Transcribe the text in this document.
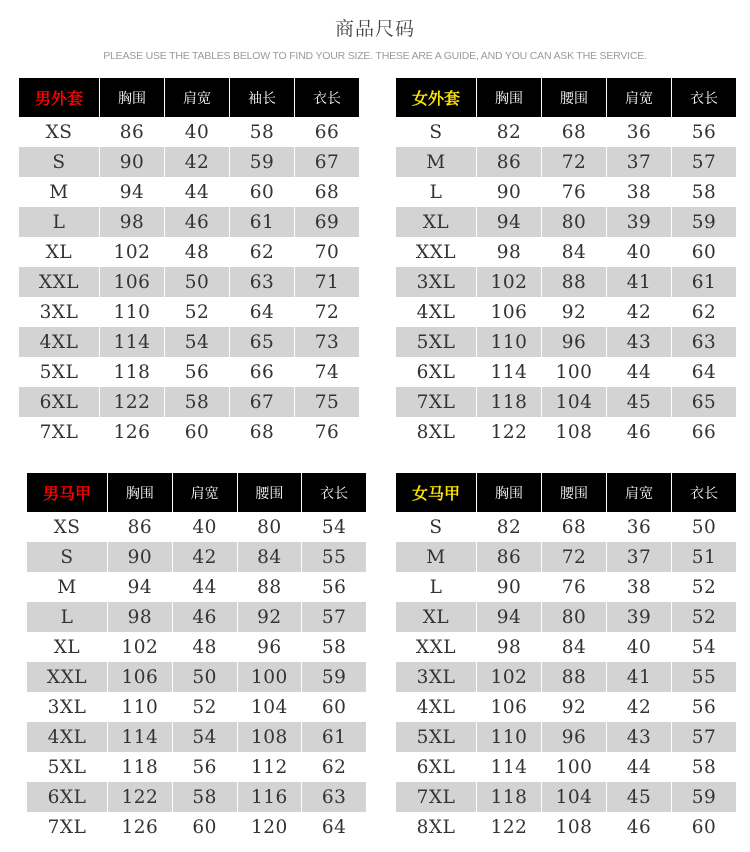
商品尺码
PLEASE USE THE TABLES BELOW TO FIND YOUR SIZE. THESE ARE A GUIDE, AND YOU CAN ASK THE SERVICE.
男外套	胸围	肩宽	袖长	衣长
XS	86	40	58	66
S	90	42	59	67
M	94	44	60	68
L	98	46	61	69
XL	102	48	62	70
XXL	106	50	63	71
3XL	110	52	64	72
4XL	114	54	65	73
5XL	118	56	66	74
6XL	122	58	67	75
7XL	126	60	68	76
女外套	胸围	腰围	肩宽	衣长
S	82	68	36	56
M	86	72	37	57
L	90	76	38	58
XL	94	80	39	59
XXL	98	84	40	60
3XL	102	88	41	61
4XL	106	92	42	62
5XL	110	96	43	63
6XL	114	100	44	64
7XL	118	104	45	65
8XL	122	108	46	66
男马甲	胸围	肩宽	腰围	衣长
XS	86	40	80	54
S	90	42	84	55
M	94	44	88	56
L	98	46	92	57
XL	102	48	96	58
XXL	106	50	100	59
3XL	110	52	104	60
4XL	114	54	108	61
5XL	118	56	112	62
6XL	122	58	116	63
7XL	126	60	120	64
女马甲	胸围	腰围	肩宽	衣长
S	82	68	36	50
M	86	72	37	51
L	90	76	38	52
XL	94	80	39	52
XXL	98	84	40	54
3XL	102	88	41	55
4XL	106	92	42	56
5XL	110	96	43	57
6XL	114	100	44	58
7XL	118	104	45	59
8XL	122	108	46	60
